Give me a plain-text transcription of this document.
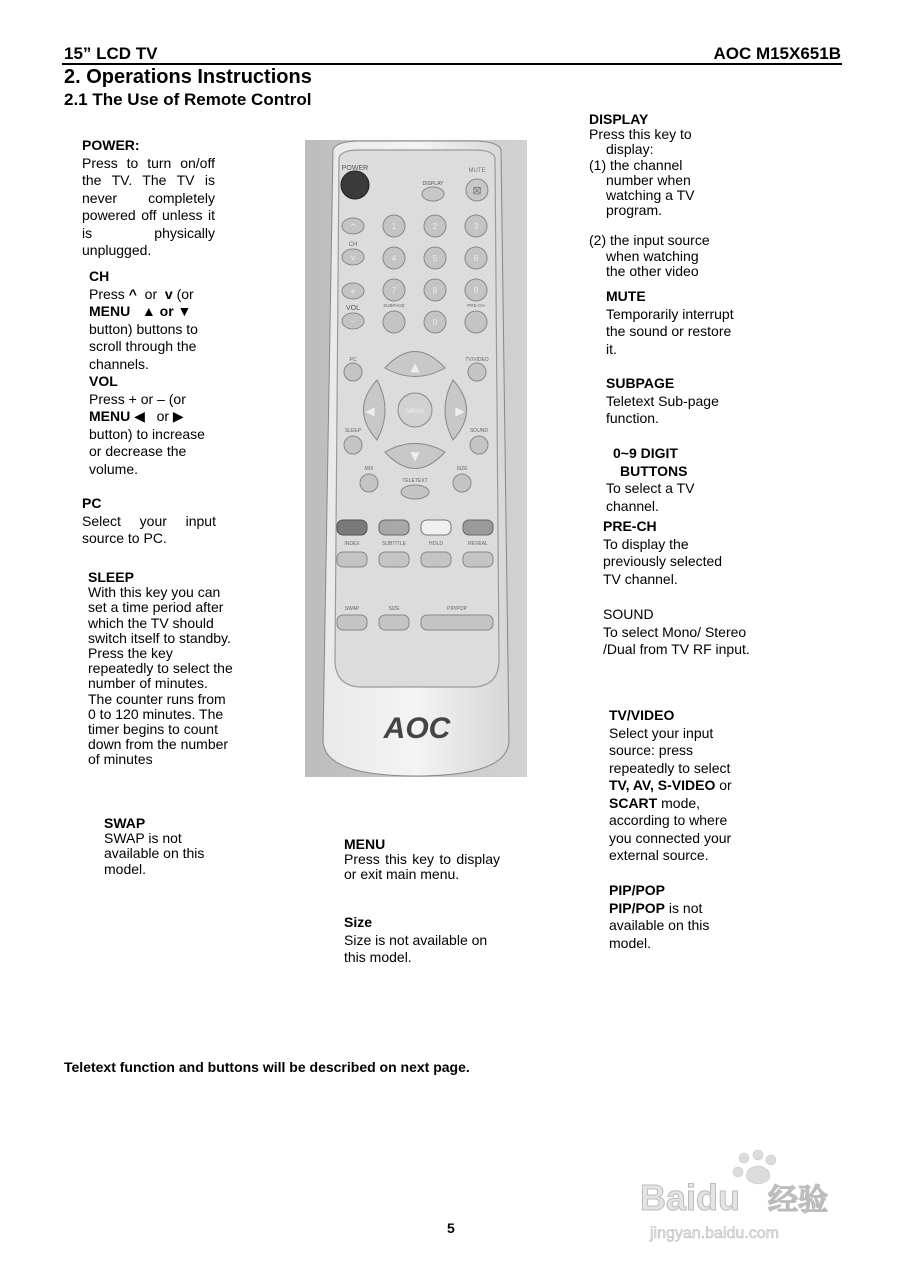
15” LCD TV	AOC M15X651B
2. Operations Instructions
2.1 The Use of Remote Control

POWER:

Press to turn on/off the TV. The TV is never completely powered off unless it is physically unplugged.

CH

Press ^ or v (or

MENU ▲ or ▼

button) buttons to scroll through the channels.

VOL

Press + or – (or

MENU ◀ or ▶

button) to increase or decrease the volume.

PC

Select your input source to PC.

SLEEP

With this key you can set a time period after which the TV should switch itself to standby. Press the key repeatedly to select the number of minutes. The counter runs from 0 to 120 minutes. The timer begins to count down from the number of minutes

SWAP

SWAP is not available on this model.

MENU

Press this key to display or exit main menu.

Size

Size is not available on this model.

DISPLAY

Press this key to display:

(1) the channel number when watching a TV program.

(2) the input source when watching the other video

MUTE

Temporarily interrupt the sound or restore it.

SUBPAGE

Teletext Sub-page function.

0~9 DIGIT BUTTONS

To select a TV channel.

PRE-CH

To display the previously selected TV channel.

SOUND

To select Mono/ Stereo /Dual from TV RF input.

TV/VIDEO

Select your input source: press repeatedly to select TV, AV, S-VIDEO or SCART mode, according to where you connected your external source.

PIP/POP

PIP/POP is not available on this model.

Teletext function and buttons will be described on next page.
5
POWER
DISPLAY
MUTE
⊠
^
CH
v
+
VOL
–
1	2	3
4	5	6
7	8	9
0
SUBPAGE	PRE-CH
PC	TV/VIDEO
▲
▼
◀	▶
MENU
SLEEP	SOUND
MIX	SIZE
TELETEXT
INDEX	SUBTITLE	HOLD	REVEAL
SWAP	SIZE	PIP/POP
AOC
Baidu 经验
jingyan.baidu.com
